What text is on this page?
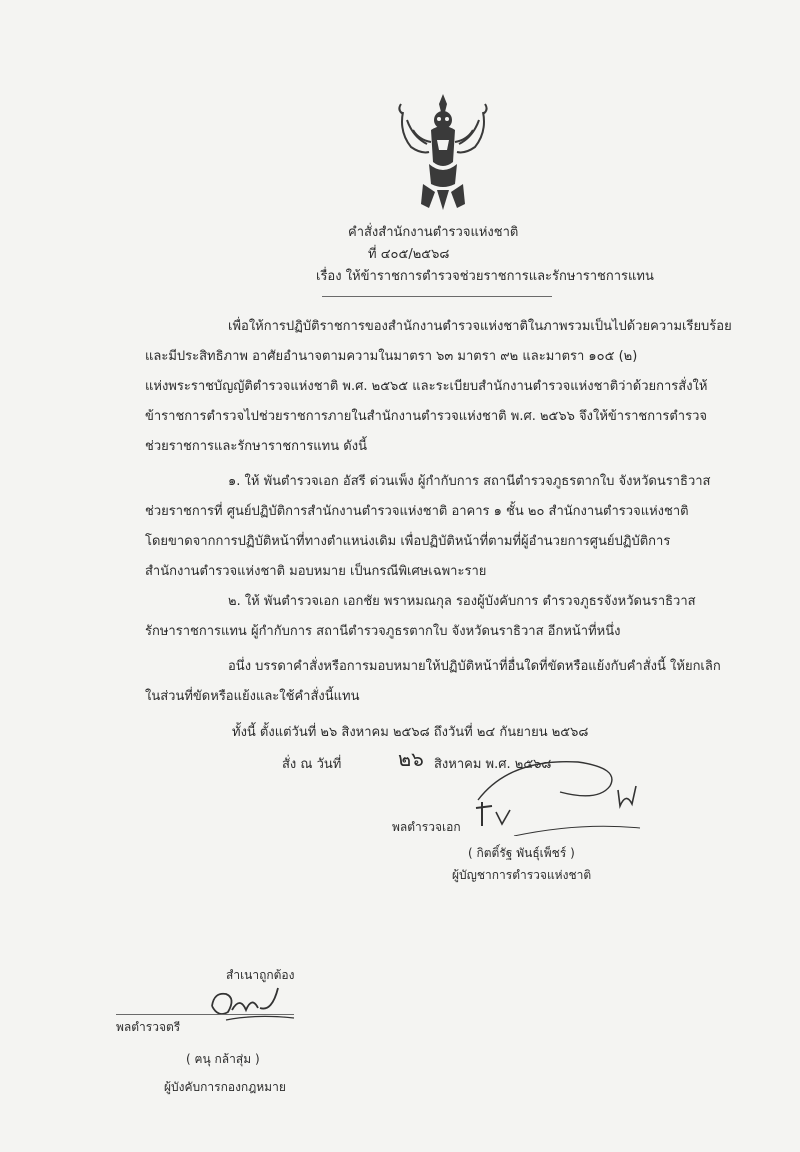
คำสั่งสำนักงานตำรวจแห่งชาติ
ที่ ๔๐๕/๒๕๖๘
เรื่อง ให้ข้าราชการตำรวจช่วยราชการและรักษาราชการแทน
เพื่อให้การปฏิบัติราชการของสำนักงานตำรวจแห่งชาติในภาพรวมเป็นไปด้วยความเรียบร้อย
และมีประสิทธิภาพ อาศัยอำนาจตามความในมาตรา ๖๓ มาตรา ๙๒ และมาตรา ๑๐๕ (๒)
แห่งพระราชบัญญัติตำรวจแห่งชาติ พ.ศ. ๒๕๖๕ และระเบียบสำนักงานตำรวจแห่งชาติว่าด้วยการสั่งให้
ข้าราชการตำรวจไปช่วยราชการภายในสำนักงานตำรวจแห่งชาติ พ.ศ. ๒๕๖๖ จึงให้ข้าราชการตำรวจ
ช่วยราชการและรักษาราชการแทน ดังนี้
๑. ให้ พันตำรวจเอก อัสรี ด่วนเพ็ง ผู้กำกับการ สถานีตำรวจภูธรตากใบ จังหวัดนราธิวาส
ช่วยราชการที่ ศูนย์ปฏิบัติการสำนักงานตำรวจแห่งชาติ อาคาร ๑ ชั้น ๒๐ สำนักงานตำรวจแห่งชาติ
โดยขาดจากการปฏิบัติหน้าที่ทางตำแหน่งเดิม เพื่อปฏิบัติหน้าที่ตามที่ผู้อำนวยการศูนย์ปฏิบัติการ
สำนักงานตำรวจแห่งชาติ มอบหมาย เป็นกรณีพิเศษเฉพาะราย
๒. ให้ พันตำรวจเอก เอกชัย พราหมณกุล รองผู้บังคับการ ตำรวจภูธรจังหวัดนราธิวาส
รักษาราชการแทน ผู้กำกับการ สถานีตำรวจภูธรตากใบ จังหวัดนราธิวาส อีกหน้าที่หนึ่ง
อนึ่ง บรรดาคำสั่งหรือการมอบหมายให้ปฏิบัติหน้าที่อื่นใดที่ขัดหรือแย้งกับคำสั่งนี้ ให้ยกเลิก
ในส่วนที่ขัดหรือแย้งและใช้คำสั่งนี้แทน
ทั้งนี้ ตั้งแต่วันที่ ๒๖ สิงหาคม ๒๕๖๘ ถึงวันที่ ๒๔ กันยายน ๒๕๖๘
สั่ง ณ วันที่	๒๖ สิงหาคม พ.ศ. ๒๕๖๘
พลตำรวจเอก
( กิตติ์รัฐ พันธุ์เพ็ชร์ )
ผู้บัญชาการตำรวจแห่งชาติ
สำเนาถูกต้อง
พลตำรวจตรี
( ฅนุ กล้าสุ่ม )
ผู้บังคับการกองกฎหมาย
